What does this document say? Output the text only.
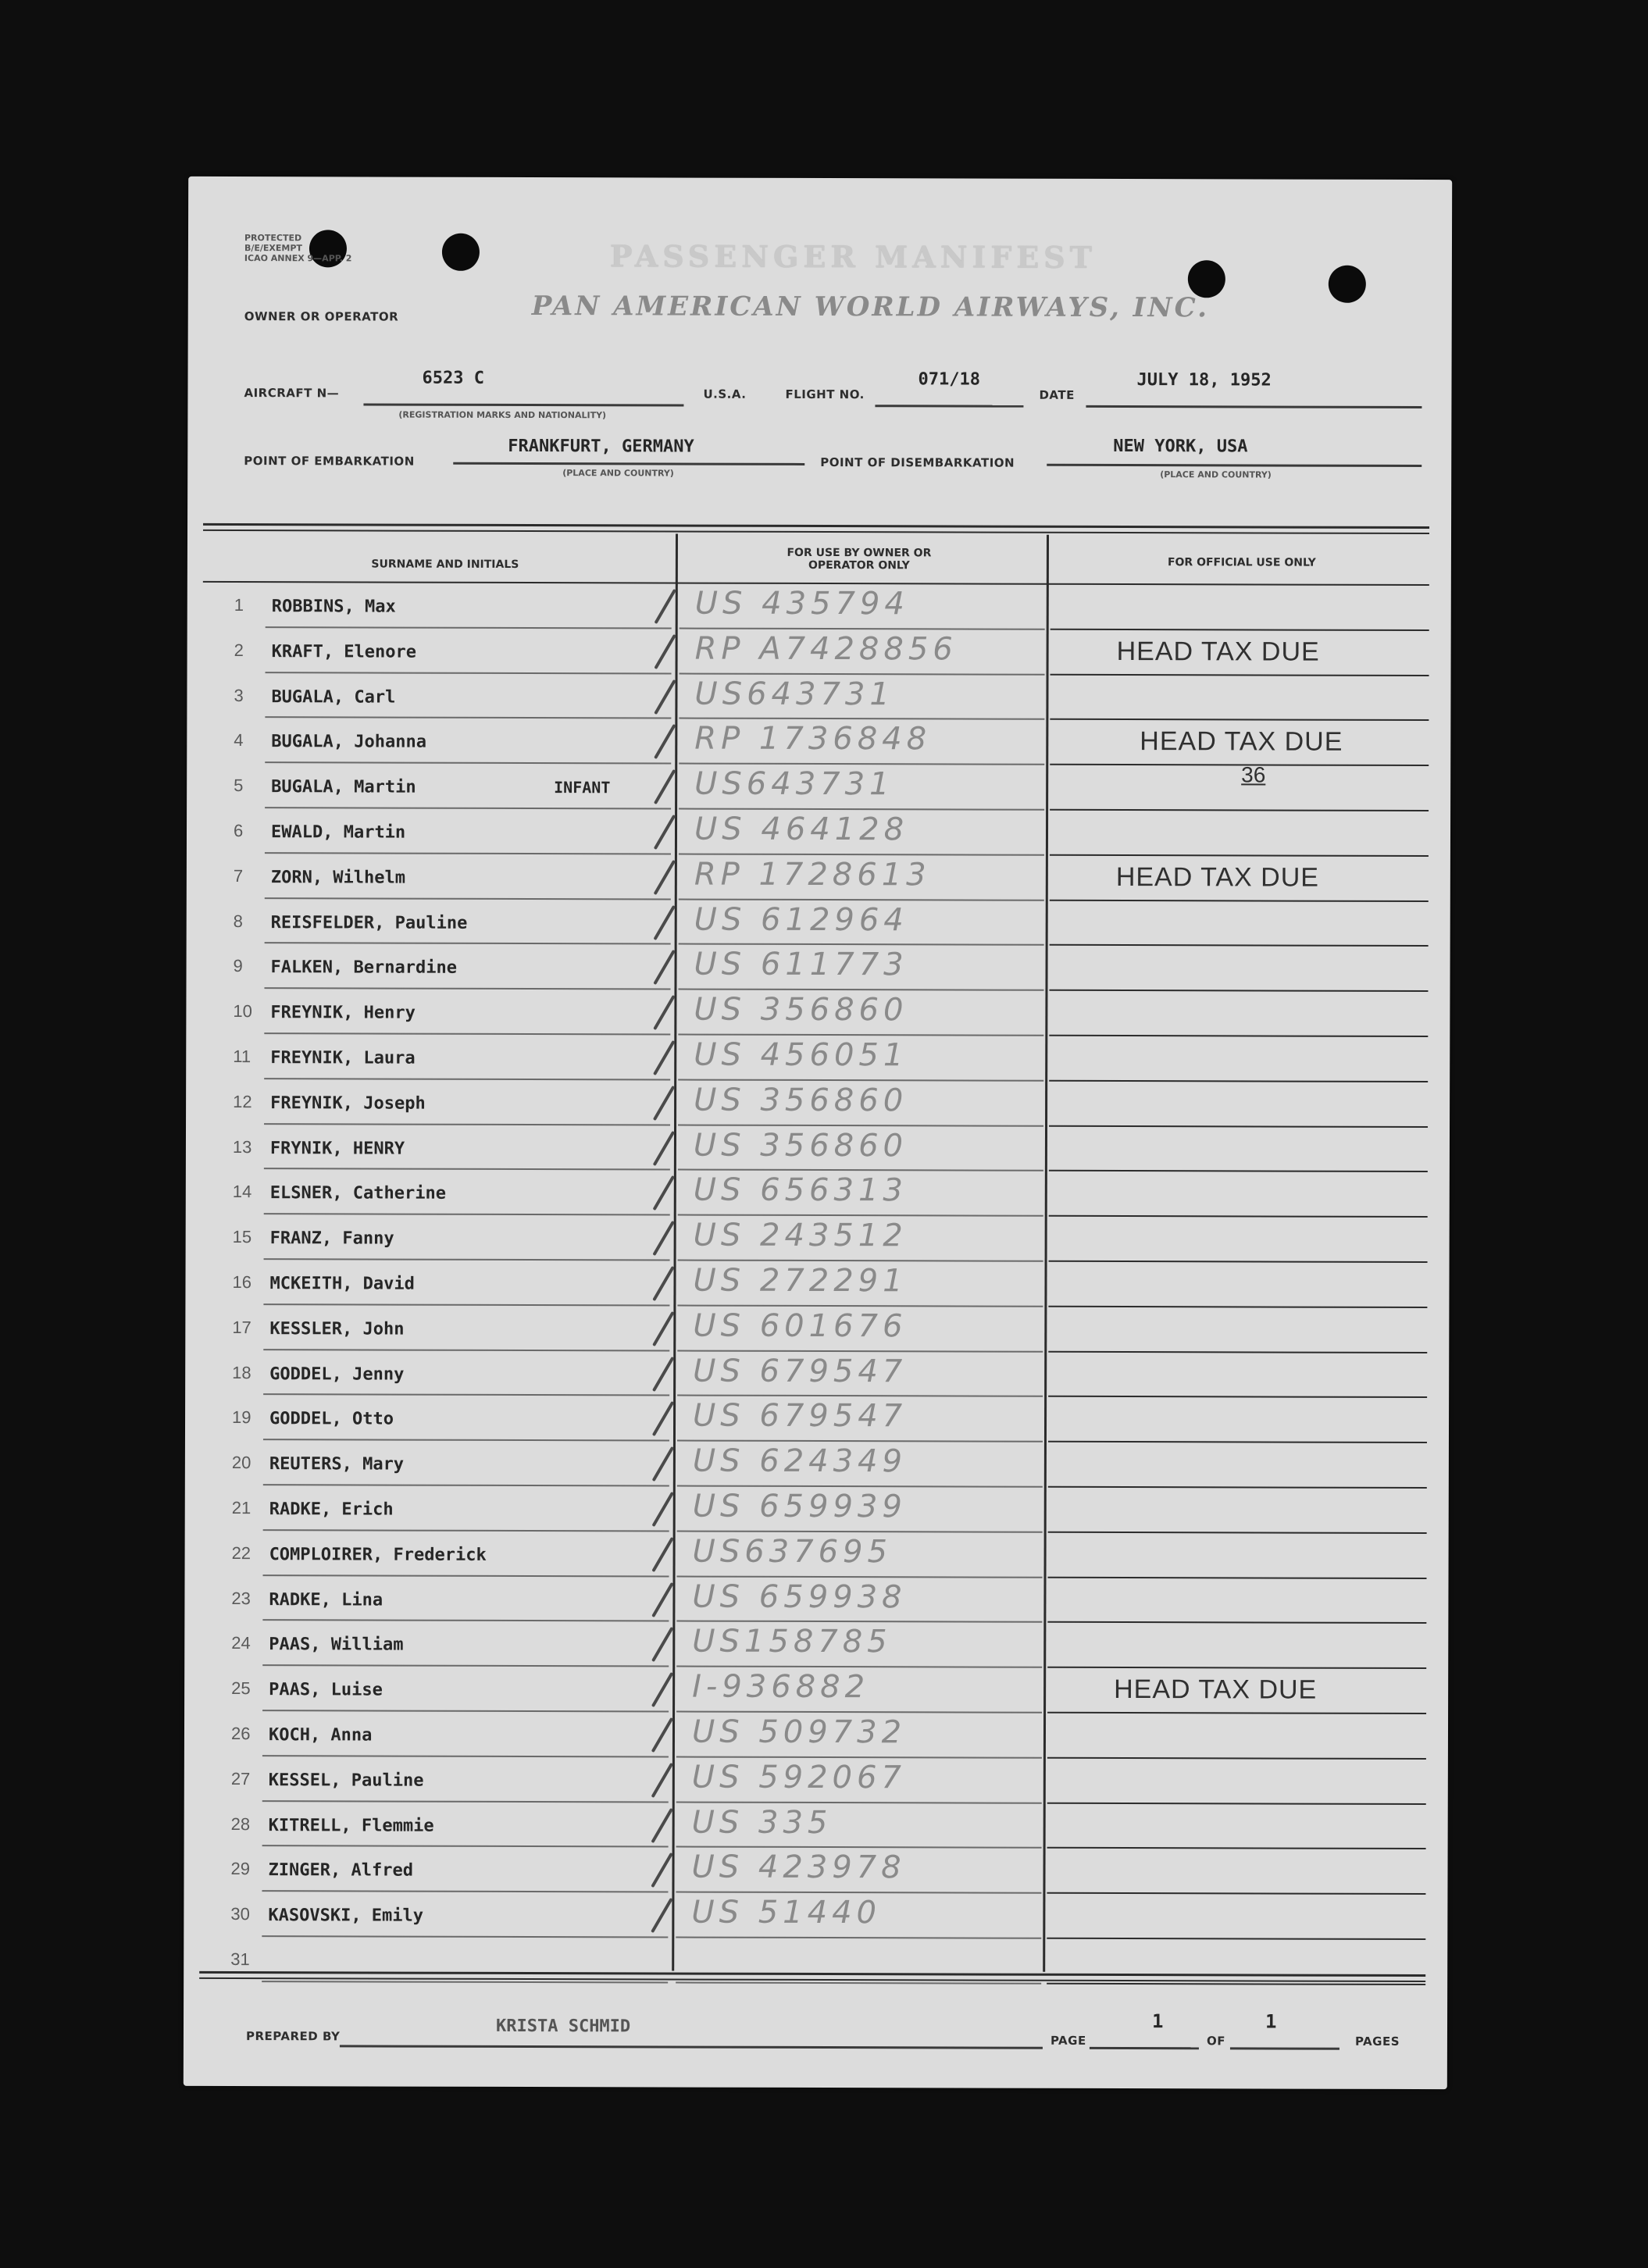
PROTECTED
B/E/EXEMPT
ICAO ANNEX 9—APP. 2	PASSENGER MANIFEST
OWNER OR OPERATOR	PAN AMERICAN WORLD AIRWAYS, INC.
AIRCRAFT N—
6523 C
(REGISTRATION MARKS AND NATIONALITY)
U.S.A.	FLIGHT NO.
071/18
DATE
JULY 18, 1952
POINT OF EMBARKATION
FRANKFURT, GERMANY
(PLACE AND COUNTRY)
POINT OF DISEMBARKATION
NEW YORK, USA
(PLACE AND COUNTRY)
SURNAME AND INITIALS
FOR USE BY OWNER OR OPERATOR ONLY	FOR OFFICIAL USE ONLY
1 ROBBINS, Max	US 435794
2 KRAFT, Elenore	RP A7428856	HEAD TAX DUE
3 BUGALA, Carl	US643731
4 BUGALA, Johanna	RP 1736848	HEAD TAX DUE
5 BUGALA, Martin	INFANT	US643731	36
6 EWALD, Martin	US 464128
7 ZORN, Wilhelm	RP 1728613	HEAD TAX DUE
8 REISFELDER, Pauline	US 612964
9 FALKEN, Bernardine	US 611773
10 FREYNIK, Henry	US 356860
11 FREYNIK, Laura	US 456051
12 FREYNIK, Joseph	US 356860
13 FRYNIK, HENRY	US 356860
14 ELSNER, Catherine	US 656313
15 FRANZ, Fanny	US 243512
16 MCKEITH, David	US 272291
17 KESSLER, John	US 601676
18 GODDEL, Jenny	US 679547
19 GODDEL, Otto	US 679547
20 REUTERS, Mary	US 624349
21 RADKE, Erich	US 659939
22 COMPLOIRER, Frederick	US637695
23 RADKE, Lina	US 659938
24 PAAS, William	US158785
25 PAAS, Luise	I-936882	HEAD TAX DUE
26 KOCH, Anna	US 509732
27 KESSEL, Pauline	US 592067
28 KITRELL, Flemmie	US 335
29 ZINGER, Alfred	US 423978
30 KASOVSKI, Emily	US 51440
31
PREPARED BY	KRISTA SCHMID
PAGE
1
OF
1
PAGES
